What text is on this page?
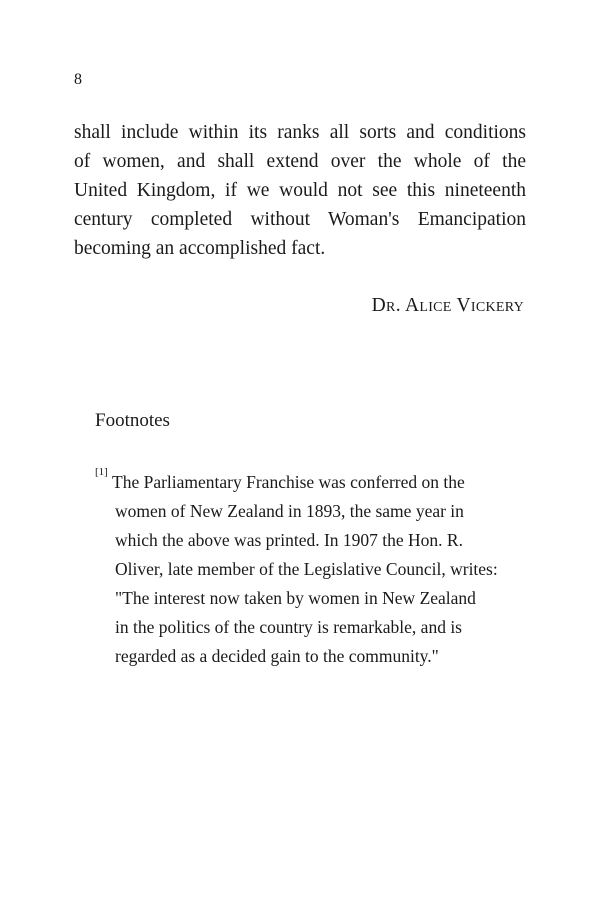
8
shall include within its ranks all sorts and conditions
of women, and shall extend over the whole of the
United Kingdom, if we would not see this nineteenth
century completed without Woman's Emancipation
becoming an accomplished fact.
Dr. Alice Vickery
Footnotes
[1] The Parliamentary Franchise was conferred on the
women of New Zealand in 1893, the same year in
which the above was printed. In 1907 the Hon. R.
Oliver, late member of the Legislative Council, writes:
"The interest now taken by women in New Zealand
in the politics of the country is remarkable, and is
regarded as a decided gain to the community."
